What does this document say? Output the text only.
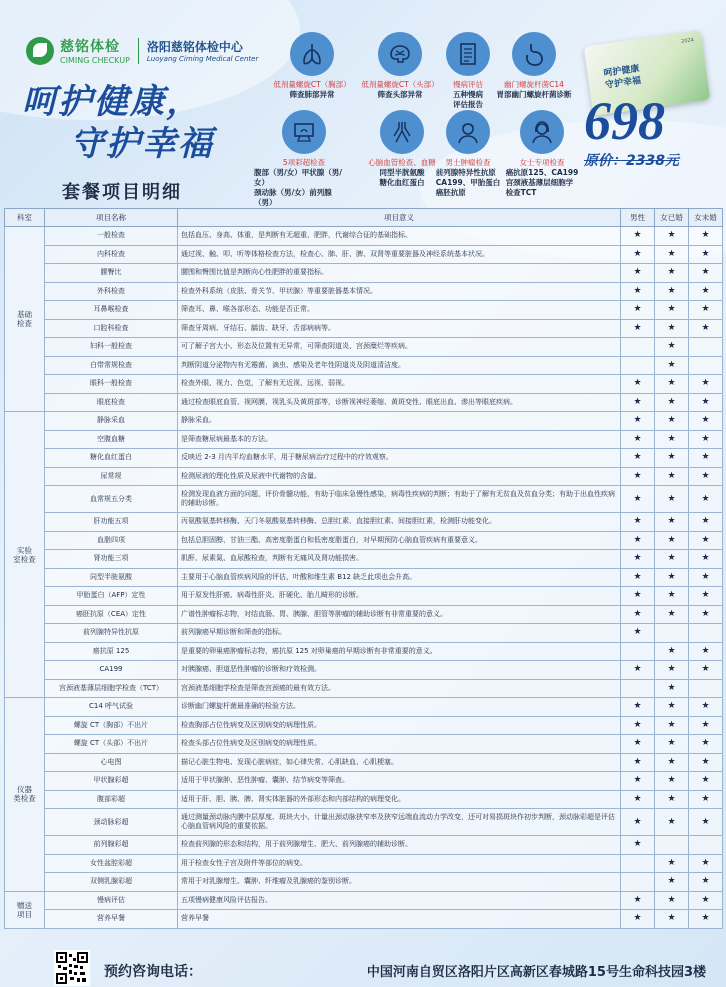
慈铭体检
CIMING CHECKUP
洛阳慈铭体检中心
Luoyang Ciming Medical Center
呵护健康，
守护幸福
套餐项目明细
低剂量螺旋CT（胸部）
筛查肺部异常
低剂量螺旋CT（头部）
筛查头部异常
慢病评估
五种慢病
评估报告
幽门螺旋杆菌C14
胃部幽门螺旋杆菌诊断
5项彩超检查
腹部（男/女）甲状腺（男/女）
颈动脉（男/女）前列腺（男）

心脑血管检查、血糖
同型半胱氨酸
糖化血红蛋白
男士肿瘤检查
前列腺特异性抗原
CA199、甲胎蛋白
癌胚抗原
女士专项检查
癌抗原125、CA199
宫颈液基薄层细胞学
检查TCT
2024
呵护健康
守护幸福
698
原价：2338元
科室	项目名称	项目意义	男性	女已婚	女未婚
基础
检查	一般检查	包括血压、身高、体重，是判断有无超重、肥胖，代谢综合征的基础指标。	★	★	★
	内科检查	通过视、触、叩、听等体格检查方法，检查心、肺、肝、脾、双肾等重要脏器及神经系统基本状况。	★	★	★
	腰臀比	腰围和臀围比值是判断向心性肥胖的重要指标。	★	★	★
	外科检查	检查外科系统（皮肤、骨关节、甲状腺）等重要脏器基本情况。	★	★	★
	耳鼻喉检查	筛查耳、鼻、喉各部形态、功能是否正常。	★	★	★
	口腔科检查	筛查牙周病、牙结石、龋齿、缺牙、舌部病病等。	★	★	★
	妇科一般检查	可了解子宫大小、形态及位置有无异常，可筛查阴道炎、宫颈糜烂等疾病。		★	
	白带常规检查	判断阴道分泌物内有无霉菌、滴虫、感染及老年性阴道炎及阴道清洁度。		★	
	眼科一般检查	检查外眼、视力、色觉，了解有无近视、远视、弱视。	★	★	★
	眼底检查	通过检查眼底血管、视网膜、视乳头及黄斑部等，诊断视神经萎缩、黄斑变性、眼底出血、渗出等眼底疾病。	★	★	★
实验
室检查	静脉采血	静脉采血。	★	★	★
	空腹血糖	是筛查糖尿病最基本的方法。	★	★	★
	糖化血红蛋白	反映近 2-3 月内平均血糖水平，用于糖尿病治疗过程中的疗效观察。	★	★	★
	尿常规	检测尿液的理化性质及尿液中代谢物的含量。	★	★	★
	血常规五分类	检测发现血液方面的问题，评价骨髓功能，有助于临床急慢性感染，病毒性疾病的判断；有助于了解有无贫血及贫血分类；有助于出血性疾病的辅助诊断。	★	★	★
	肝功能五项	丙氨酸氨基转移酶、天门冬氨酸氨基转移酶、总胆红素、直接胆红素、间接胆红素，检测肝功能变化。	★	★	★
	血脂四项	包括总胆固醇、甘油三酯、高密度脂蛋白和低密度脂蛋白，对早期预防心脑血管疾病有重要意义。	★	★	★
	肾功能三项	肌酐、尿素氮、血尿酸检查，判断有无痛风及肾功能损害。	★	★	★
	同型半胱氨酸	主要用于心脑血管疾病风险的评估，叶酸和维生素 B12 缺乏此项也会升高。	★	★	★
	甲胎蛋白（AFP）定性	用于原发性肝癌、病毒性肝炎、肝硬化、胎儿畸形的诊断。	★	★	★
	癌胚抗原（CEA）定性	广谱性肿瘤标志物，对结直肠、胃、胰腺、胆管等肿瘤的辅助诊断有非常重要的意义。	★	★	★
	前列腺特异性抗原	前列腺癌早期诊断和筛查的指标。	★		
	癌抗原 125	是重要的卵巢癌肿瘤标志物，癌抗原 125 对卵巢癌的早期诊断有非常重要的意义。		★	★
	CA199	对胰腺癌、胆道恶性肿瘤的诊断和疗效检测。	★	★	★
	宫颈液基薄层细胞学检查（TCT）	宫颈液基细胞学检查是筛查宫颈癌的最有效方法。		★	
仪器
类检查	C14 呼气试验	诊断幽门螺旋杆菌最准确的检验方法。	★	★	★
	螺旋 CT（胸部）不出片	检查胸部占位性病变及区别病变的病理性质。	★	★	★
	螺旋 CT（头部）不出片	检查头部占位性病变及区别病变的病理性质。	★	★	★
	心电图	描记心脏生物电、发现心脏病症，如心律失常、心肌缺血、心肌梗塞。	★	★	★
	甲状腺彩超	适用于甲状腺肿、恶性肿瘤、囊肿、结节病变等筛查。	★	★	★
	腹部彩超	适用于肝、胆、胰、脾、肾实体脏器的外部形态和内部结构的病理变化。	★	★	★
	颈动脉彩超	通过测量颈动脉内膜中层厚度、斑块大小、计量出颈动脉狭窄率及狭窄远端血流动力学改变，还可对易损斑块作初步判断，颈动脉彩超是评估心脑血管病风险的重要依据。	★	★	★
	前列腺彩超	检查前列腺的形态和结构，用于前列腺增生、肥大、前列腺癌的辅助诊断。	★		
	女性盆腔彩超	用于检查女性子宫及附件等部位的病变。		★	★
	双侧乳腺彩超	常用于对乳腺增生、囊肿、纤维瘤及乳腺癌的鉴别诊断。		★	★
赠送
项目	慢病评估	五项慢病健康风险评估报告。	★	★	★
	营养早餐	营养早餐	★	★	★
预约咨询电话：	中国河南自贸区洛阳片区高新区春城路15号生命科技园3楼
